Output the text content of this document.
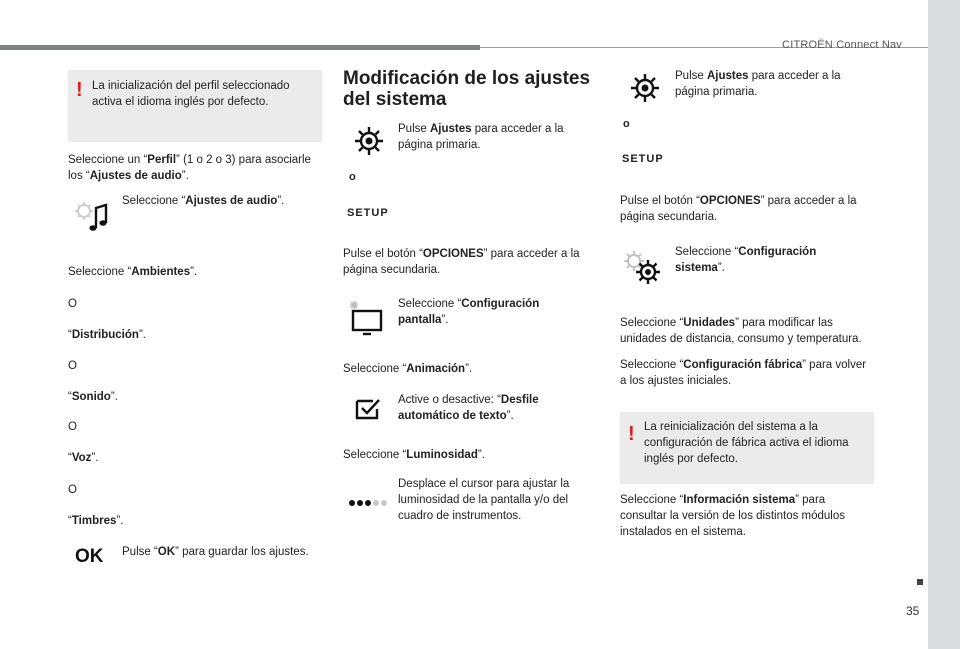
CITROËN Connect Nav
35
! La inicialización del perfil seleccionado activa el idioma inglés por defecto.
Seleccione un “Perfil” (1 o 2 o 3) para asociarle los “Ajustes de audio”.
Seleccione “Ajustes de audio”.
Seleccione “Ambientes”.
O
“Distribución”.
O
“Sonido”.
O
“Voz”.
O
“Timbres”.
OK Pulse “OK” para guardar los ajustes.
Modificación de los ajustes del sistema
Pulse Ajustes para acceder a la página primaria.
o
SETUP
Pulse el botón “OPCIONES” para acceder a la página secundaria.
Seleccione “Configuración pantalla”.
Seleccione “Animación”.
Active o desactive: “Desfile automático de texto”.
Seleccione “Luminosidad”.
Desplace el cursor para ajustar la luminosidad de la pantalla y/o del cuadro de instrumentos.
Pulse Ajustes para acceder a la página primaria.
o
SETUP
Pulse el botón “OPCIONES” para acceder a la página secundaria.
Seleccione “Configuración sistema”.
Seleccione “Unidades” para modificar las unidades de distancia, consumo y temperatura.
Seleccione “Configuración fábrica” para volver a los ajustes iniciales.
! La reinicialización del sistema a la configuración de fábrica activa el idioma inglés por defecto.
Seleccione “Información sistema” para consultar la versión de los distintos módulos instalados en el sistema.
